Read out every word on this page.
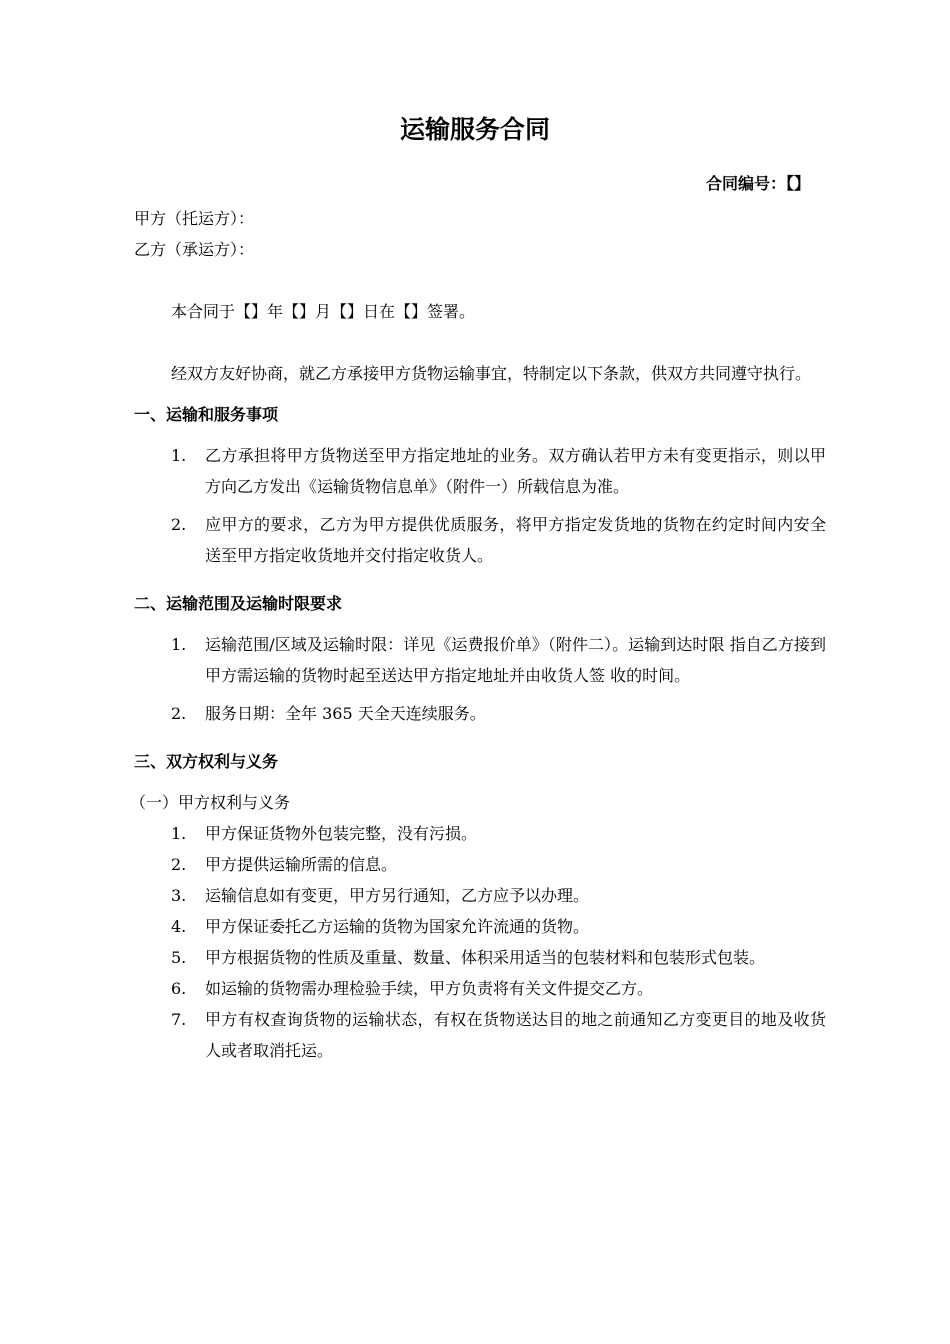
运输服务合同
合同编号：【】

甲方（托运方）：

乙方（承运方）：

本合同于【】年【】月【】日在【】签署。

经双方友好协商，就乙方承接甲方货物运输事宜，特制定以下条款，供双方共同遵守执行。

一、运输和服务事项

1. 乙方承担将甲方货物送至甲方指定地址的业务。双方确认若甲方未有变更指示，则以甲方向乙方发出《运输货物信息单》（附件一）所载信息为准。
2. 应甲方的要求，乙方为甲方提供优质服务，将甲方指定发货地的货物在约定时间内安全送至甲方指定收货地并交付指定收货人。

二、运输范围及运输时限要求

1. 运输范围/区域及运输时限：详见《运费报价单》（附件二）。运输到达时限 指自乙方接到甲方需运输的货物时起至送达甲方指定地址并由收货人签 收的时间。
2. 服务日期：全年 365 天全天连续服务。

三、双方权利与义务

（一）甲方权利与义务

1. 甲方保证货物外包装完整，没有污损。
2. 甲方提供运输所需的信息。
3. 运输信息如有变更，甲方另行通知，乙方应予以办理。
4. 甲方保证委托乙方运输的货物为国家允许流通的货物。
5. 甲方根据货物的性质及重量、数量、体积采用适当的包装材料和包装形式包装。
6. 如运输的货物需办理检验手续，甲方负责将有关文件提交乙方。
7. 甲方有权查询货物的运输状态，有权在货物送达目的地之前通知乙方变更目的地及收货人或者取消托运。
